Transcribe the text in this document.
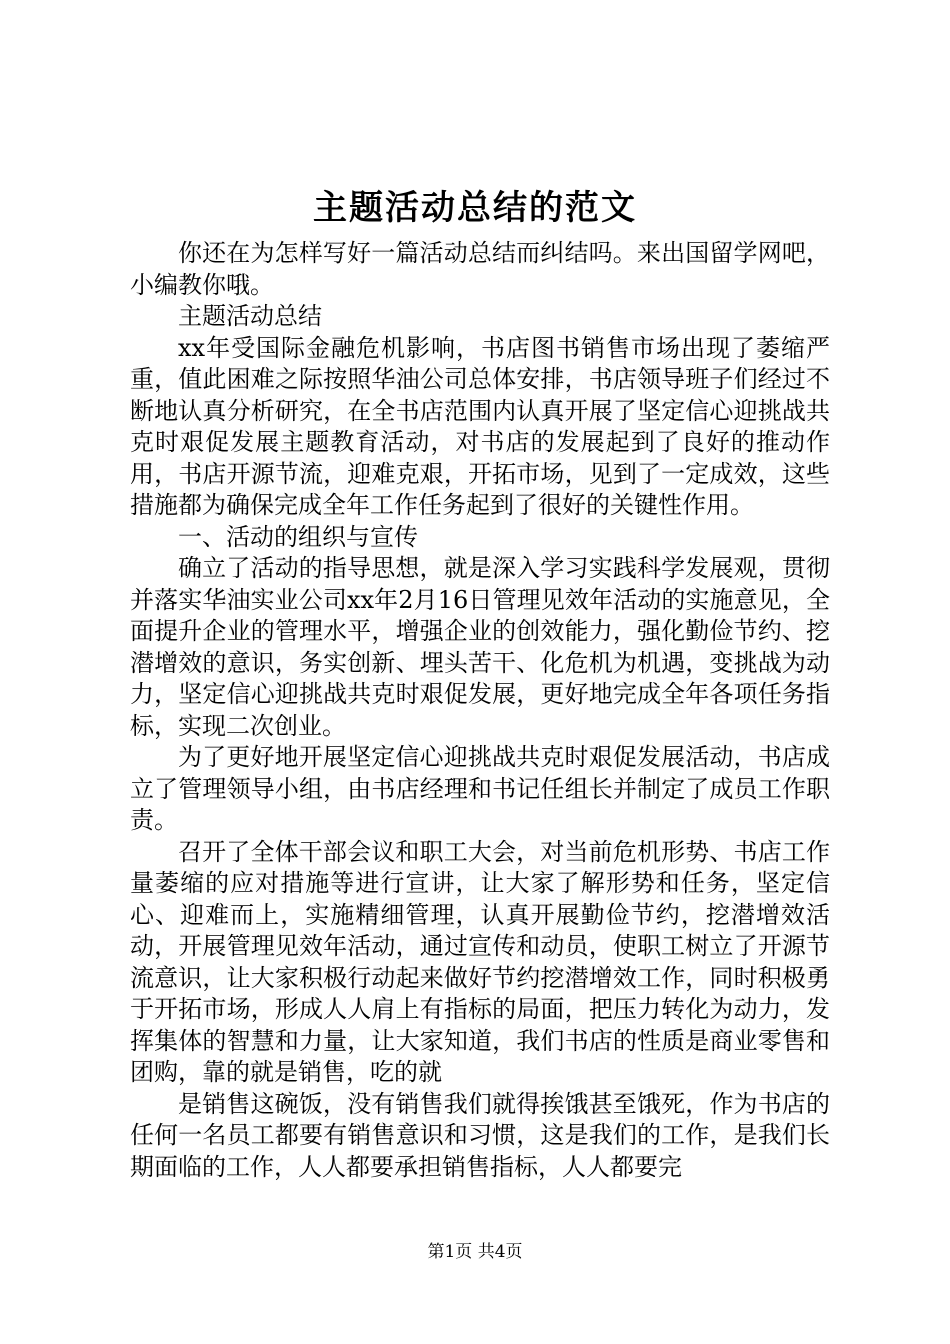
主题活动总结的范文

你还在为怎样写好一篇活动总结而纠结吗。来出国留学网吧，小编教你哦。

主题活动总结

xx年受国际金融危机影响，书店图书销售市场出现了萎缩严重，值此困难之际按照华油公司总体安排，书店领导班子们经过不断地认真分析研究，在全书店范围内认真开展了坚定信心迎挑战共克时艰促发展主题教育活动，对书店的发展起到了良好的推动作用，书店开源节流，迎难克艰，开拓市场，见到了一定成效，这些措施都为确保完成全年工作任务起到了很好的关键性作用。

一、活动的组织与宣传

确立了活动的指导思想，就是深入学习实践科学发展观，贯彻并落实华油实业公司xx年2月16日管理见效年活动的实施意见，全面提升企业的管理水平，增强企业的创效能力，强化勤俭节约、挖潜增效的意识，务实创新、埋头苦干、化危机为机遇，变挑战为动力，坚定信心迎挑战共克时艰促发展，更好地完成全年各项任务指标，实现二次创业。

为了更好地开展坚定信心迎挑战共克时艰促发展活动，书店成立了管理领导小组，由书店经理和书记任组长并制定了成员工作职责。

召开了全体干部会议和职工大会，对当前危机形势、书店工作量萎缩的应对措施等进行宣讲，让大家了解形势和任务，坚定信心、迎难而上，实施精细管理，认真开展勤俭节约，挖潜增效活动，开展管理见效年活动，通过宣传和动员，使职工树立了开源节流意识，让大家积极行动起来做好节约挖潜增效工作，同时积极勇于开拓市场，形成人人肩上有指标的局面，把压力转化为动力，发挥集体的智慧和力量，让大家知道，我们书店的性质是商业零售和团购，靠的就是销售，吃的就

是销售这碗饭，没有销售我们就得挨饿甚至饿死，作为书店的任何一名员工都要有销售意识和习惯，这是我们的工作，是我们长期面临的工作，人人都要承担销售指标，人人都要完

第1页 共4页
